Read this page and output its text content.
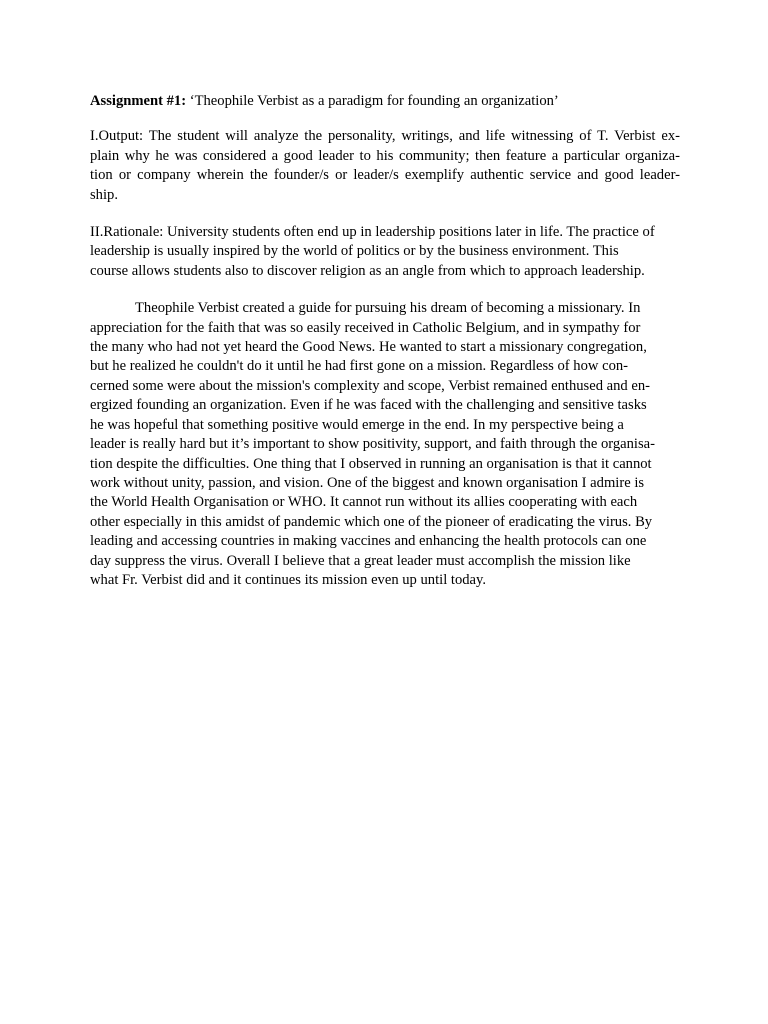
Assignment #1: ‘Theophile Verbist as a paradigm for founding an organization’

I.Output: The student will analyze the personality, writings, and life witnessing of T. Verbist ex-
plain why he was considered a good leader to his community; then feature a particular organiza-
tion or company wherein the founder/s or leader/s exemplify authentic service and good leader-
ship.
II.Rationale: University students often end up in leadership positions later in life. The practice of
leadership is usually inspired by the world of politics or by the business environment. This
course allows students also to discover religion as an angle from which to approach leadership.
Theophile Verbist created a guide for pursuing his dream of becoming a missionary. In
appreciation for the faith that was so easily received in Catholic Belgium, and in sympathy for
the many who had not yet heard the Good News. He wanted to start a missionary congregation,
but he realized he couldn't do it until he had first gone on a mission. Regardless of how con-
cerned some were about the mission's complexity and scope, Verbist remained enthused and en-
ergized founding an organization. Even if he was faced with the challenging and sensitive tasks
he was hopeful that something positive would emerge in the end. In my perspective being a
leader is really hard but it’s important to show positivity, support, and faith through the organisa-
tion despite the difficulties. One thing that I observed in running an organisation is that it cannot
work without unity, passion, and vision. One of the biggest and known organisation I admire is
the World Health Organisation or WHO. It cannot run without its allies cooperating with each
other especially in this amidst of pandemic which one of the pioneer of eradicating the virus. By
leading and accessing countries in making vaccines and enhancing the health protocols can one
day suppress the virus. Overall I believe that a great leader must accomplish the mission like
what Fr. Verbist did and it continues its mission even up until today.
